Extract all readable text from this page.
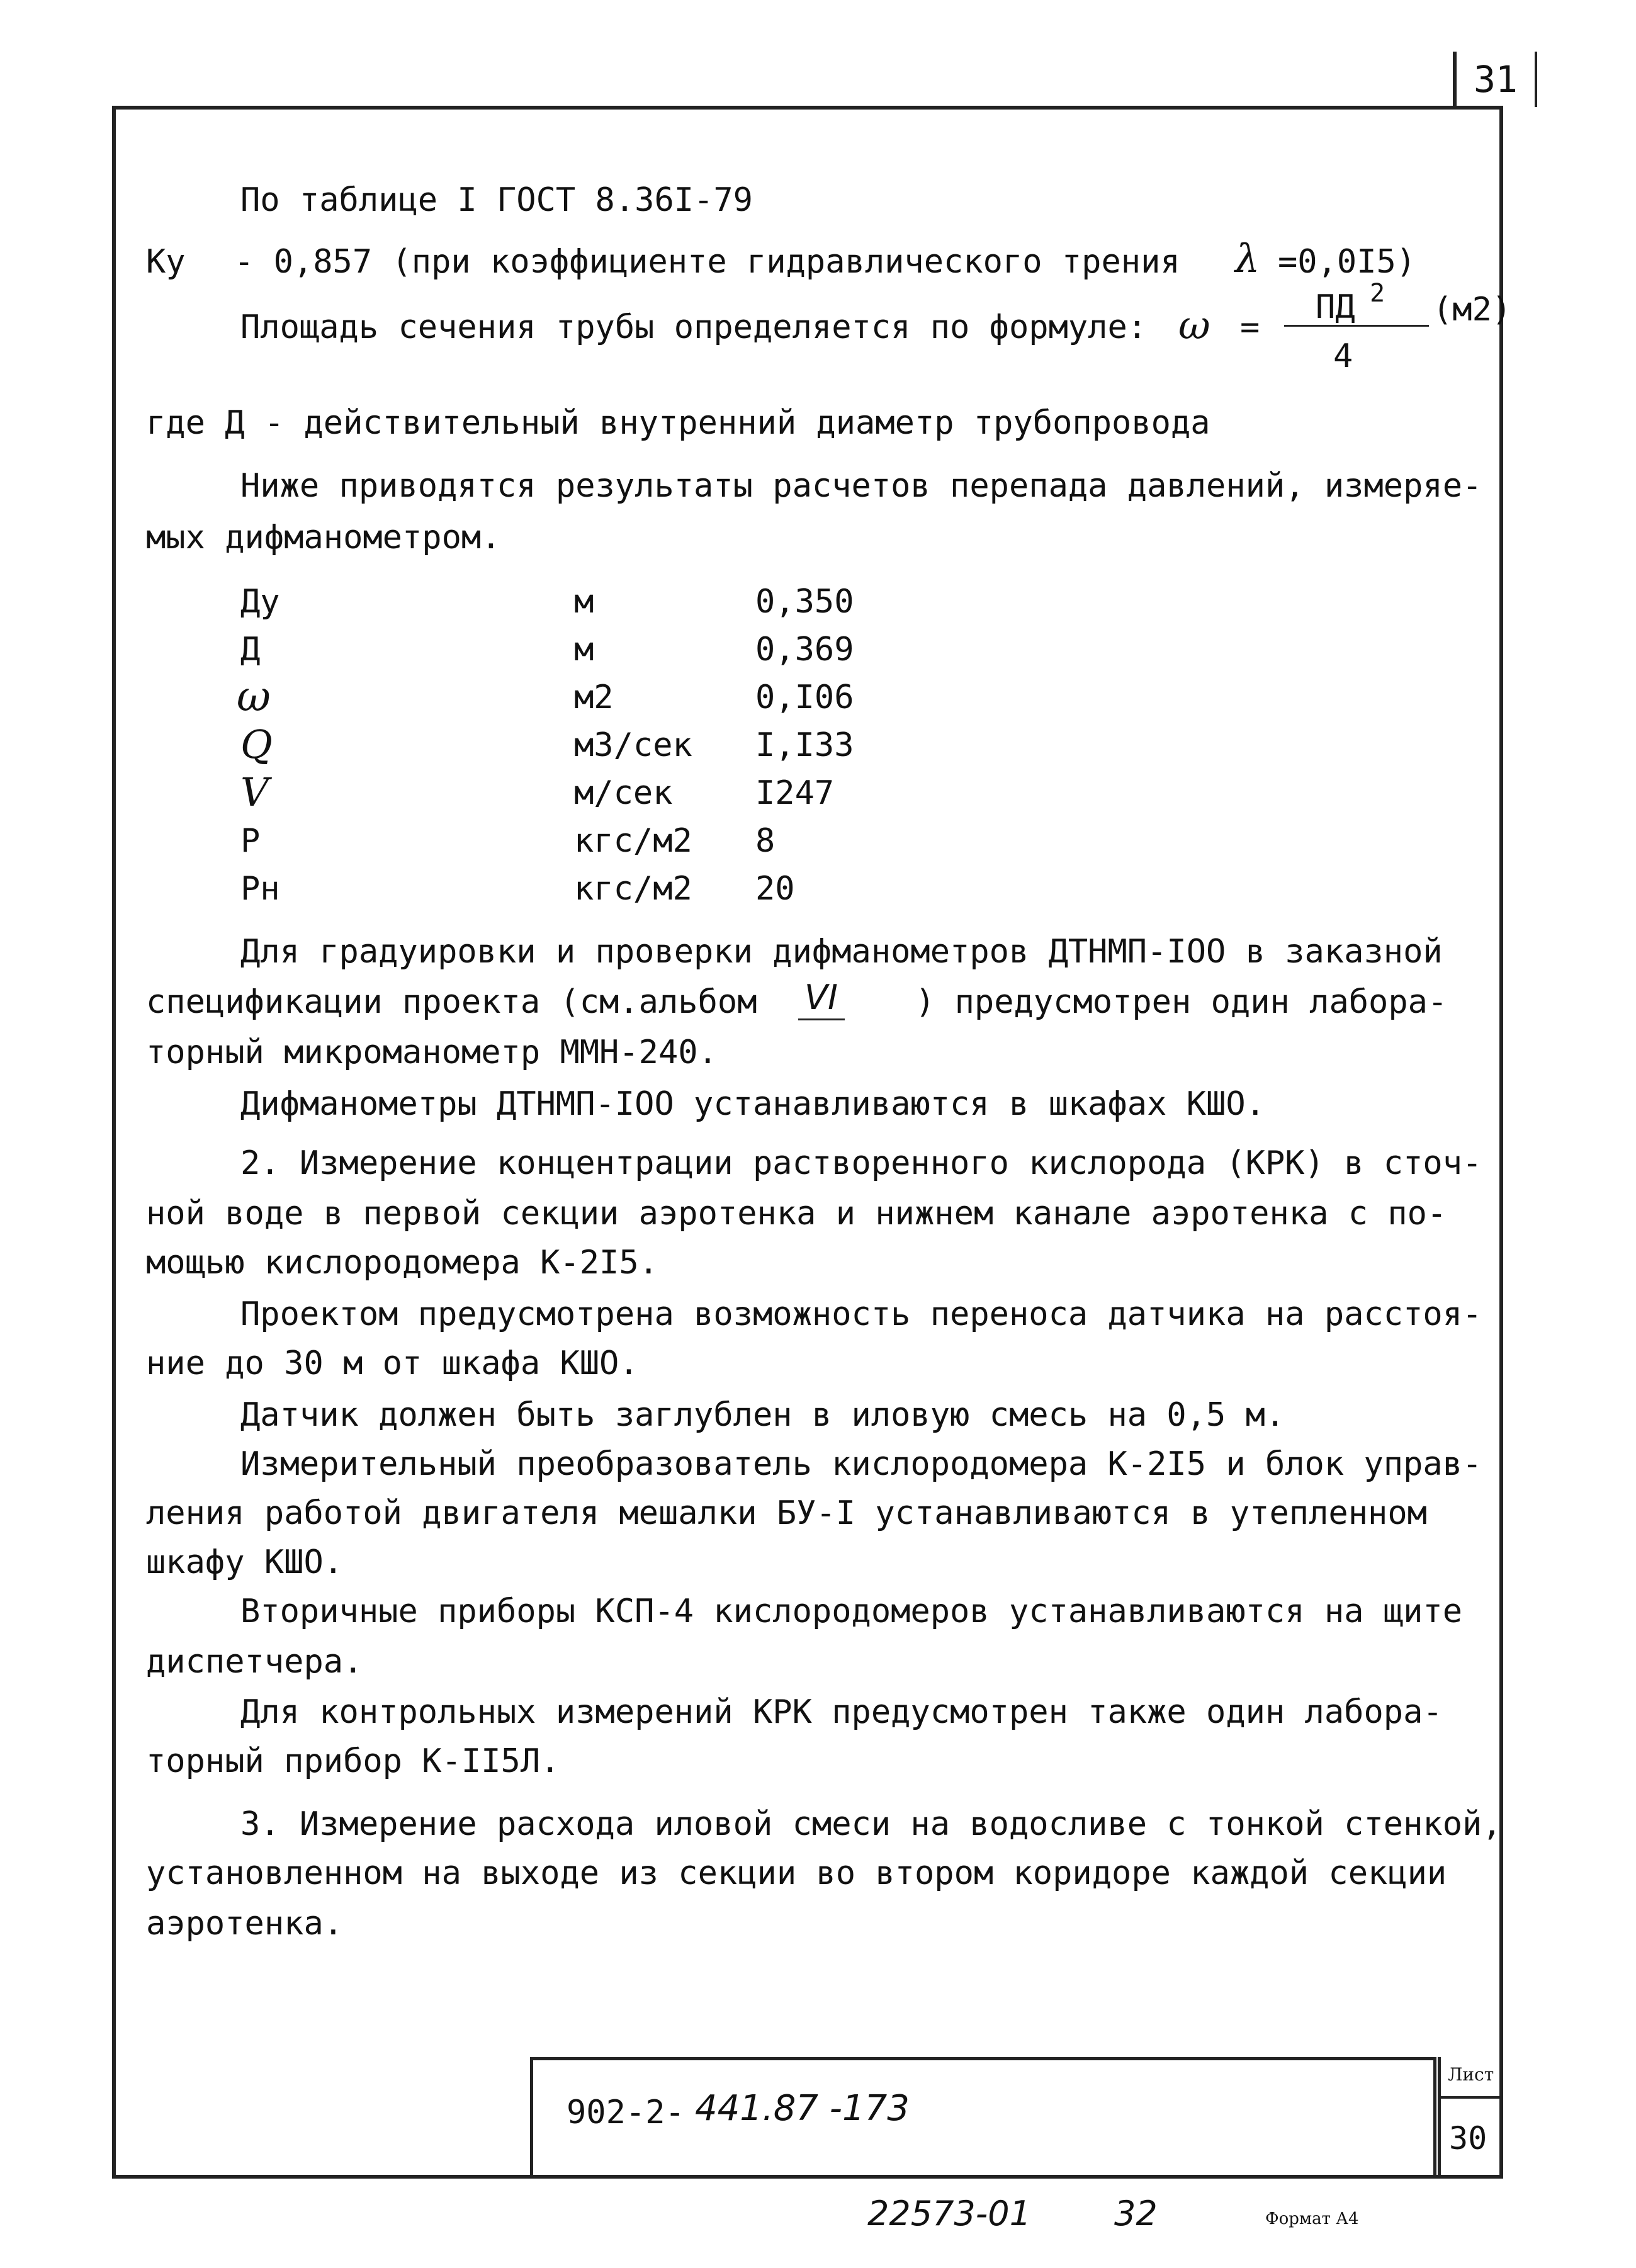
31
По таблице I ГОСТ 8.36I-79
Ку - 0,857 (при коэффициенте гидравлического трения λ =0,0I5)
Площадь сечения трубы определяется по формуле: ω =
ПД 2
4
(м2)
где Д - действительный внутренний диаметр трубопровода
Ниже приводятся результаты расчетов перепада давлений, измеряе-
мых дифманометром.
Ду	м	0,350
Д	м	0,369
ω	м2	0,I06
Q	м3/сек I,I33
V	м/сек	I247
P	кгс/м2 8
Рн	кгс/м2 20
Для градуировки и проверки дифманометров ДТНМП-IOO в заказной
спецификации проекта (см.альбом VI ) предусмотрен один лабора-
торный микроманометр ММН-240.
Дифманометры ДТНМП-IOO устанавливаются в шкафах КШО.
2. Измерение концентрации растворенного кислорода (КРК) в сточ-
ной воде в первой секции аэротенка и нижнем канале аэротенка с по-
мощью кислородомера К-2I5.
Проектом предусмотрена возможность переноса датчика на расстоя-
ние до 30 м от шкафа КШО.
Датчик должен быть заглублен в иловую смесь на 0,5 м.
Измерительный преобразователь кислородомера К-2I5 и блок управ-
ления работой двигателя мешалки БУ-I устанавливаются в утепленном
шкафу КШО.
Вторичные приборы КСП-4 кислородомеров устанавливаются на щите
диспетчера.
Для контрольных измерений КРК предусмотрен также один лабора-
торный прибор К-II5Л.
3. Измерение расхода иловой смеси на водосливе с тонкой стенкой,
установленном на выходе из секции во втором коридоре каждой секции
аэротенка.
902-2- 441.87 -173
Лист
30
22573-01 32	Формат А4
